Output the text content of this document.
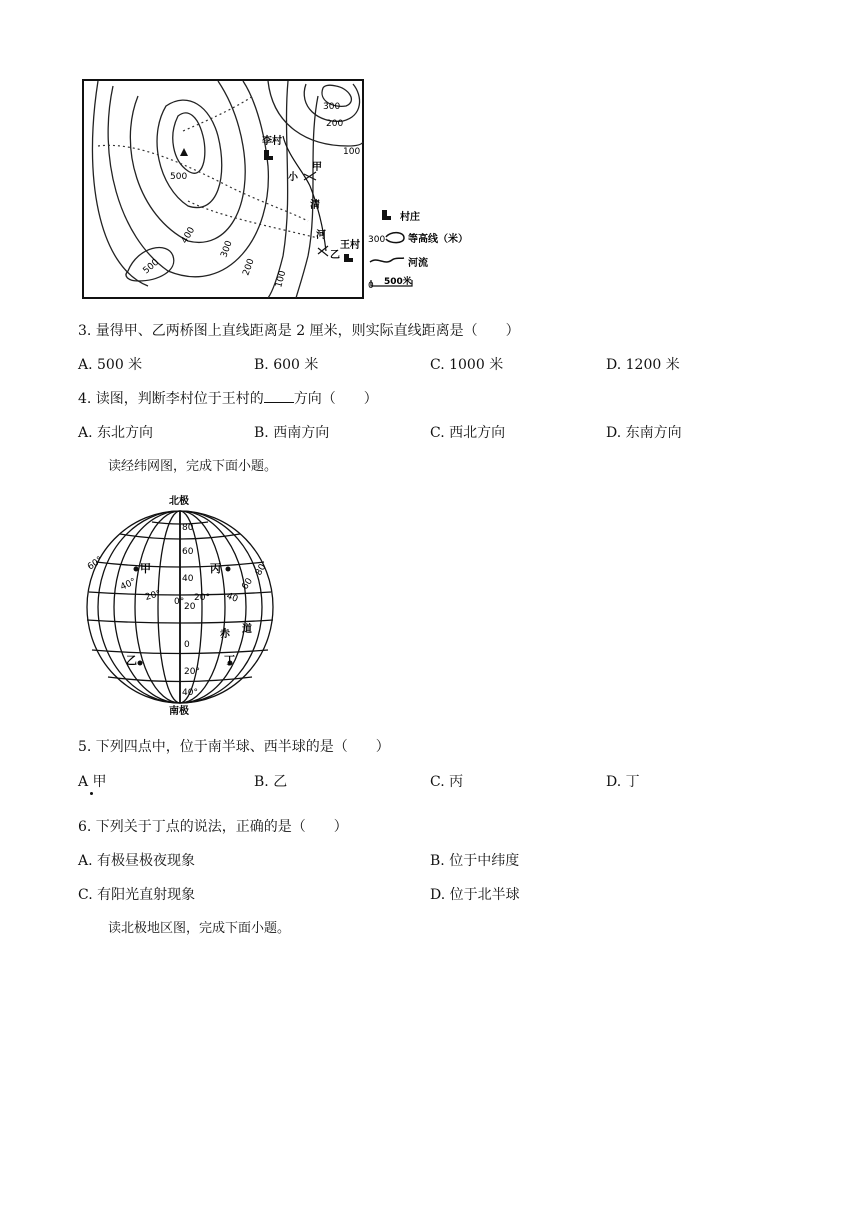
300
200
100
500
400
300
200
100
500
李村
王村
甲
乙
小
清
河
村庄
300 等高线（米）
河流
0 500米
3. 量得甲、乙两桥图上直线距离是 2 厘米，则实际直线距离是（　　）
A. 500 米	B. 600 米	C. 1000 米	D. 1200 米
4. 读图，判断李村位于王村的 方向（　　）
A. 东北方向	B. 西南方向	C. 西北方向	D. 东南方向
读经纬网图，完成下面小题。
北极
南极
甲	丙
乙	丁
赤 道
80
60
40
20
0
20°
40°
60°
40°
20° 0° 20° 40
60
80
5. 下列四点中，位于南半球、西半球的是（　　）
A 甲	B. 乙	C. 丙	D. 丁
6. 下列关于丁点的说法，正确的是（　　）
A. 有极昼极夜现象	B. 位于中纬度
C. 有阳光直射现象	D. 位于北半球
读北极地区图，完成下面小题。
